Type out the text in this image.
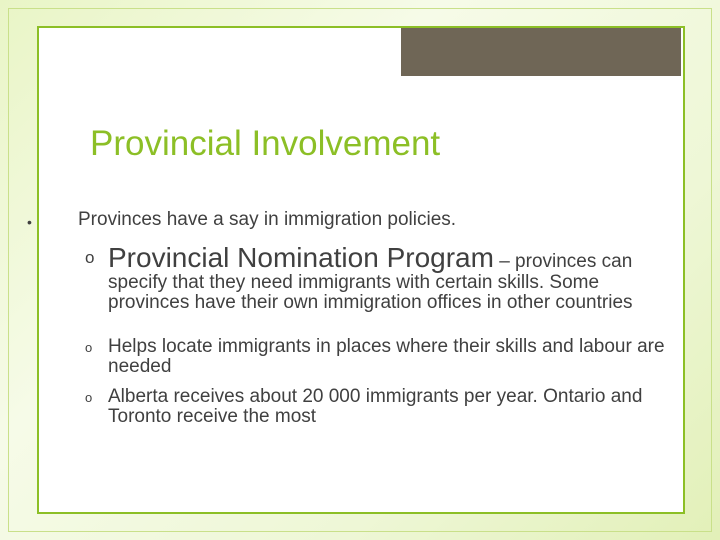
Provincial Involvement
• Provinces have a say in immigration policies.
o Provincial Nomination Program – provinces can specify that they need immigrants with certain skills. Some provinces have their own immigration offices in other countries
o Helps locate immigrants in places where their skills and labour are needed
o Alberta receives about 20 000 immigrants per year. Ontario and Toronto receive the most
